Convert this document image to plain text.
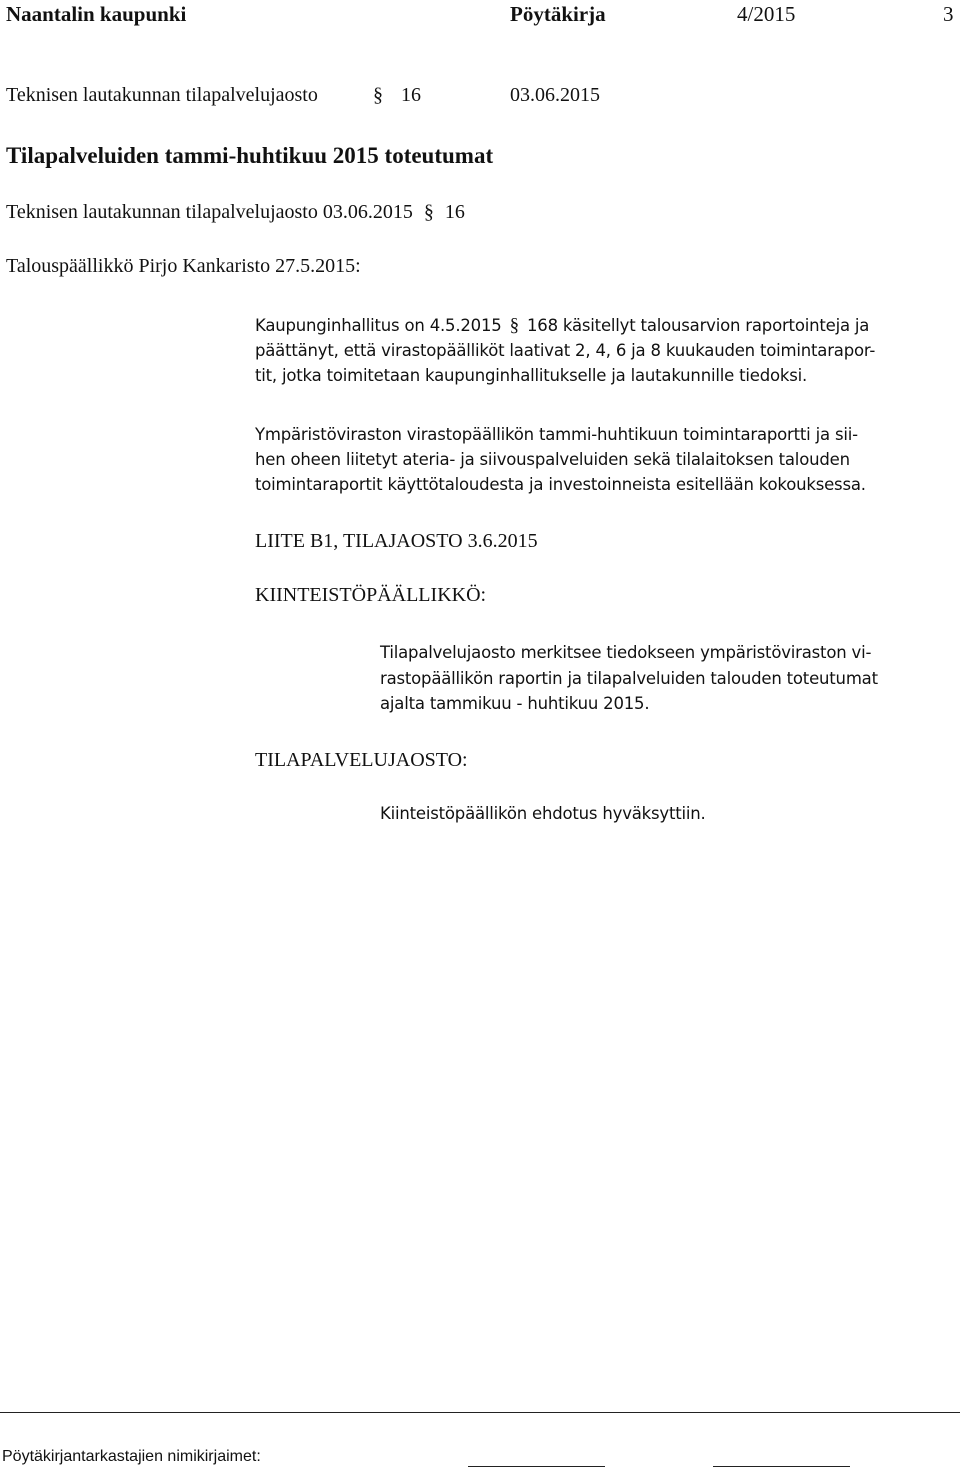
Naantalin kaupunki	Pöytäkirja	4/2015	3
Teknisen lautakunnan tilapalvelujaosto	§ 16	03.06.2015
Tilapalveluiden tammi-huhtikuu 2015 toteutumat
Teknisen lautakunnan tilapalvelujaosto 03.06.2015 § 16
Talouspäällikkö Pirjo Kankaristo 27.5.2015:

Kaupunginhallitus on 4.5.2015 § 168 käsitellyt talousarvion raportointeja ja

päättänyt, että virastopäälliköt laativat 2, 4, 6 ja 8 kuukauden toimintarapor-

tit, jotka toimitetaan kaupunginhallitukselle ja lautakunnille tiedoksi.

Ympäristöviraston virastopäällikön tammi-huhtikuun toimintaraportti ja sii-

hen oheen liitetyt ateria- ja siivouspalveluiden sekä tilalaitoksen talouden

toimintaraportit käyttötaloudesta ja investoinneista esitellään kokouksessa.

LIITE B1, TILAJAOSTO 3.6.2015
KIINTEISTÖPÄÄLLIKKÖ:

Tilapalvelujaosto merkitsee tiedokseen ympäristöviraston vi-

rastopäällikön raportin ja tilapalveluiden talouden toteutumat

ajalta tammikuu - huhtikuu 2015.

TILAPALVELUJAOSTO:
Kiinteistöpäällikön ehdotus hyväksyttiin.
Pöytäkirjantarkastajien nimikirjaimet:
